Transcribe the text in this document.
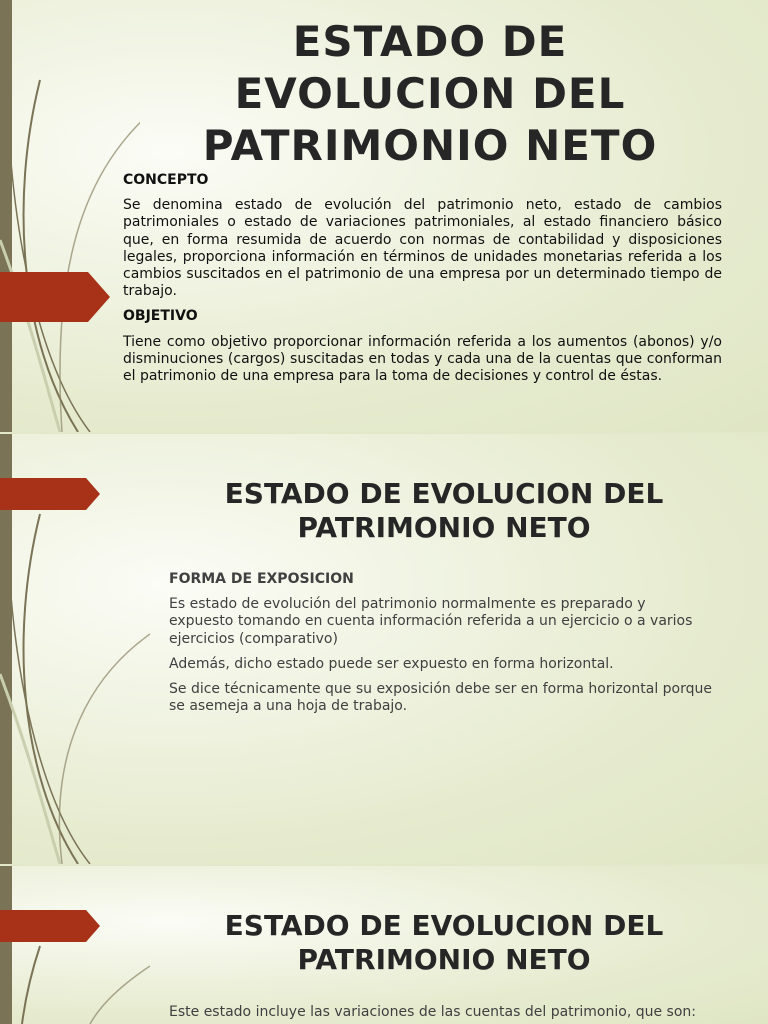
ESTADO DE EVOLUCION DEL PATRIMONIO NETO
CONCEPTO

Se denomina estado de evolución del patrimonio neto, estado de cambios patrimoniales o estado de variaciones patrimoniales, al estado financiero básico que, en forma resumida de acuerdo con normas de contabilidad y disposiciones legales, proporciona información en términos de unidades monetarias referida a los cambios suscitados en el patrimonio de una empresa por un determinado tiempo de trabajo.

OBJETIVO

Tiene como objetivo proporcionar información referida a los aumentos (abonos) y/o disminuciones (cargos) suscitadas en todas y cada una de la cuentas que conforman el patrimonio de una empresa para la toma de decisiones y control de éstas.

ESTADO DE EVOLUCION DEL PATRIMONIO NETO
FORMA DE EXPOSICION

Es estado de evolución del patrimonio normalmente es preparado y expuesto tomando en cuenta información referida a un ejercicio o a varios ejercicios (comparativo)

Además, dicho estado puede ser expuesto en forma horizontal.

Se dice técnicamente que su exposición debe ser en forma horizontal porque se asemeja a una hoja de trabajo.

ESTADO DE EVOLUCION DEL PATRIMONIO NETO
Este estado incluye las variaciones de las cuentas del patrimonio, que son:
